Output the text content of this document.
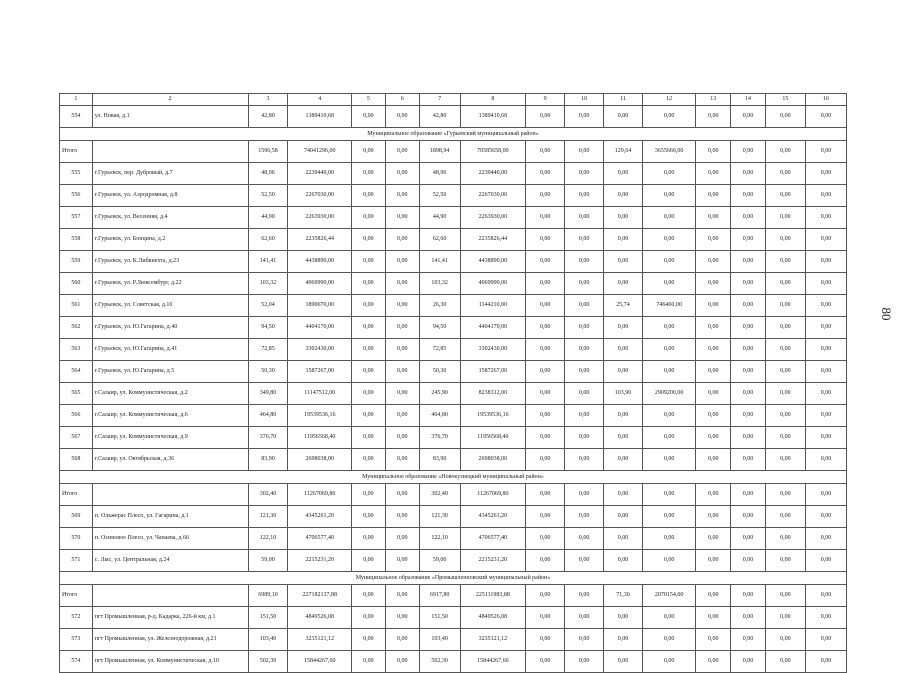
1	2	3	4	5	6	7	8	9	10	11	12	13	14	15	16
554	ул. Новая, д.1	42,80	1389410,68	0,00	0,00	42,80	1389410,68	0,00	0,00	0,00	0,00	0,00	0,00	0,00	0,00
Муниципальное образование «Гурьевский муниципальный район»															
Итого		1596,58	74041296,00	0,00	0,00	1898,94	70585658,00	0,00	0,00	129,64	3655666,00	0,00	0,00	0,00	0,00
555	г.Гурьевск, пер. Дубровый, д.7	48,96	2239440,00	0,00	0,00	48,96	2239440,00	0,00	0,00	0,00	0,00	0,00	0,00	0,00	0,00
556	г.Гурьевск, ул. Аэродромная, д.8	52,50	2267030,00	0,00	0,00	52,50	2267030,00	0,00	0,00	0,00	0,00	0,00	0,00	0,00	0,00
557	г.Гурьевск, ул. Весенняя, д.4	44,90	2263930,00	0,00	0,00	44,90	2263930,00	0,00	0,00	0,00	0,00	0,00	0,00	0,00	0,00
558	г.Гурьевск, ул. Бонцина, д.2	62,60	2235826,44	0,00	0,00	62,60	2235826,44	0,00	0,00	0,00	0,00	0,00	0,00	0,00	0,00
559	г.Гурьевск, ул. К.Либкнехта, д.23	141,41	4438890,00	0,00	0,00	141,41	4438890,00	0,00	0,00	0,00	0,00	0,00	0,00	0,00	0,00
560	г.Гурьевск, ул. Р.Люксембург, д.22	103,32	4069990,00	0,00	0,00	103,32	4069990,00	0,00	0,00	0,00	0,00	0,00	0,00	0,00	0,00
561	г.Гурьевск, ул. Советская, д.10	52,04	1890670,00	0,00	0,00	26,30	1144210,00	0,00	0,00	25,74	746460,00	0,00	0,00	0,00	0,00
562	г.Гурьевск, ул. Ю.Гагарина, д.40	94,50	4404170,00	0,00	0,00	94,50	4404170,00	0,00	0,00	0,00	0,00	0,00	0,00	0,00	0,00
563	г.Гурьевск, ул. Ю.Гагарина, д.41	72,85	3302430,00	0,00	0,00	72,85	3302430,00	0,00	0,00	0,00	0,00	0,00	0,00	0,00	0,00
564	г.Гурьевск, ул. Ю.Гагарина, д.5	50,30	1587267,00	0,00	0,00	50,30	1587267,00	0,00	0,00	0,00	0,00	0,00	0,00	0,00	0,00
565	г.Салаир, ул. Коммунистическая, д.2	349,80	11147512,00	0,00	0,00	245,90	8238312,00	0,00	0,00	103,90	2909200,00	0,00	0,00	0,00	0,00
566	г.Салаир, ул. Коммунистическая, д.6	464,80	19539536,16	0,00	0,00	464,80	19539536,16	0,00	0,00	0,00	0,00	0,00	0,00	0,00	0,00
567	г.Салаир, ул. Коммунистическая, д.9	376,70	11956568,40	0,00	0,00	376,70	11956568,40	0,00	0,00	0,00	0,00	0,00	0,00	0,00	0,00
568	г.Салаир, ул. Октябрьская, д.36	83,90	2698038,00	0,00	0,00	83,90	2698038,00	0,00	0,00	0,00	0,00	0,00	0,00	0,00	0,00
Муниципальное образование «Новокузнецкий муниципальный район»															
Итого		302,40	11267069,80	0,00	0,00	302,40	11267069,80	0,00	0,00	0,00	0,00	0,00	0,00	0,00	0,00
569	п. Ольжерас Плесо, ул. Гагарина, д.1	121,30	4345261,20	0,00	0,00	121,30	4345261,20	0,00	0,00	0,00	0,00	0,00	0,00	0,00	0,00
570	п. Осиновое Плесо, ул. Чапаева, д.66	122,10	4706577,40	0,00	0,00	122,10	4706577,40	0,00	0,00	0,00	0,00	0,00	0,00	0,00	0,00
571	с. Лыс, ул. Центральная, д.24	59,00	2215231,20	0,00	0,00	59,00	2215231,20	0,00	0,00	0,00	0,00	0,00	0,00	0,00	0,00
Муниципальное образование «Промышленновский муниципальный район»															
Итого		6989,10	227182137,88	0,00	0,00	6917,80	225111983,88	0,00	0,00	71,30	2070154,00	0,00	0,00	0,00	0,00
572	пгт Промышленная, р-д. Кадарка, 226-й км, д.1	151,50	4849526,08	0,00	0,00	151,50	4849526,08	0,00	0,00	0,00	0,00	0,00	0,00	0,00	0,00
573	пгт Промышленная, ул. Железнодорожная, д.21	103,40	3235121,12	0,00	0,00	103,40	3235121,12	0,00	0,00	0,00	0,00	0,00	0,00	0,00	0,00
574	пгт Промышленная, ул. Коммунистическая, д.10	502,30	15844267,60	0,00	0,00	502,30	15844267,60	0,00	0,00	0,00	0,00	0,00	0,00	0,00	0,00
80
